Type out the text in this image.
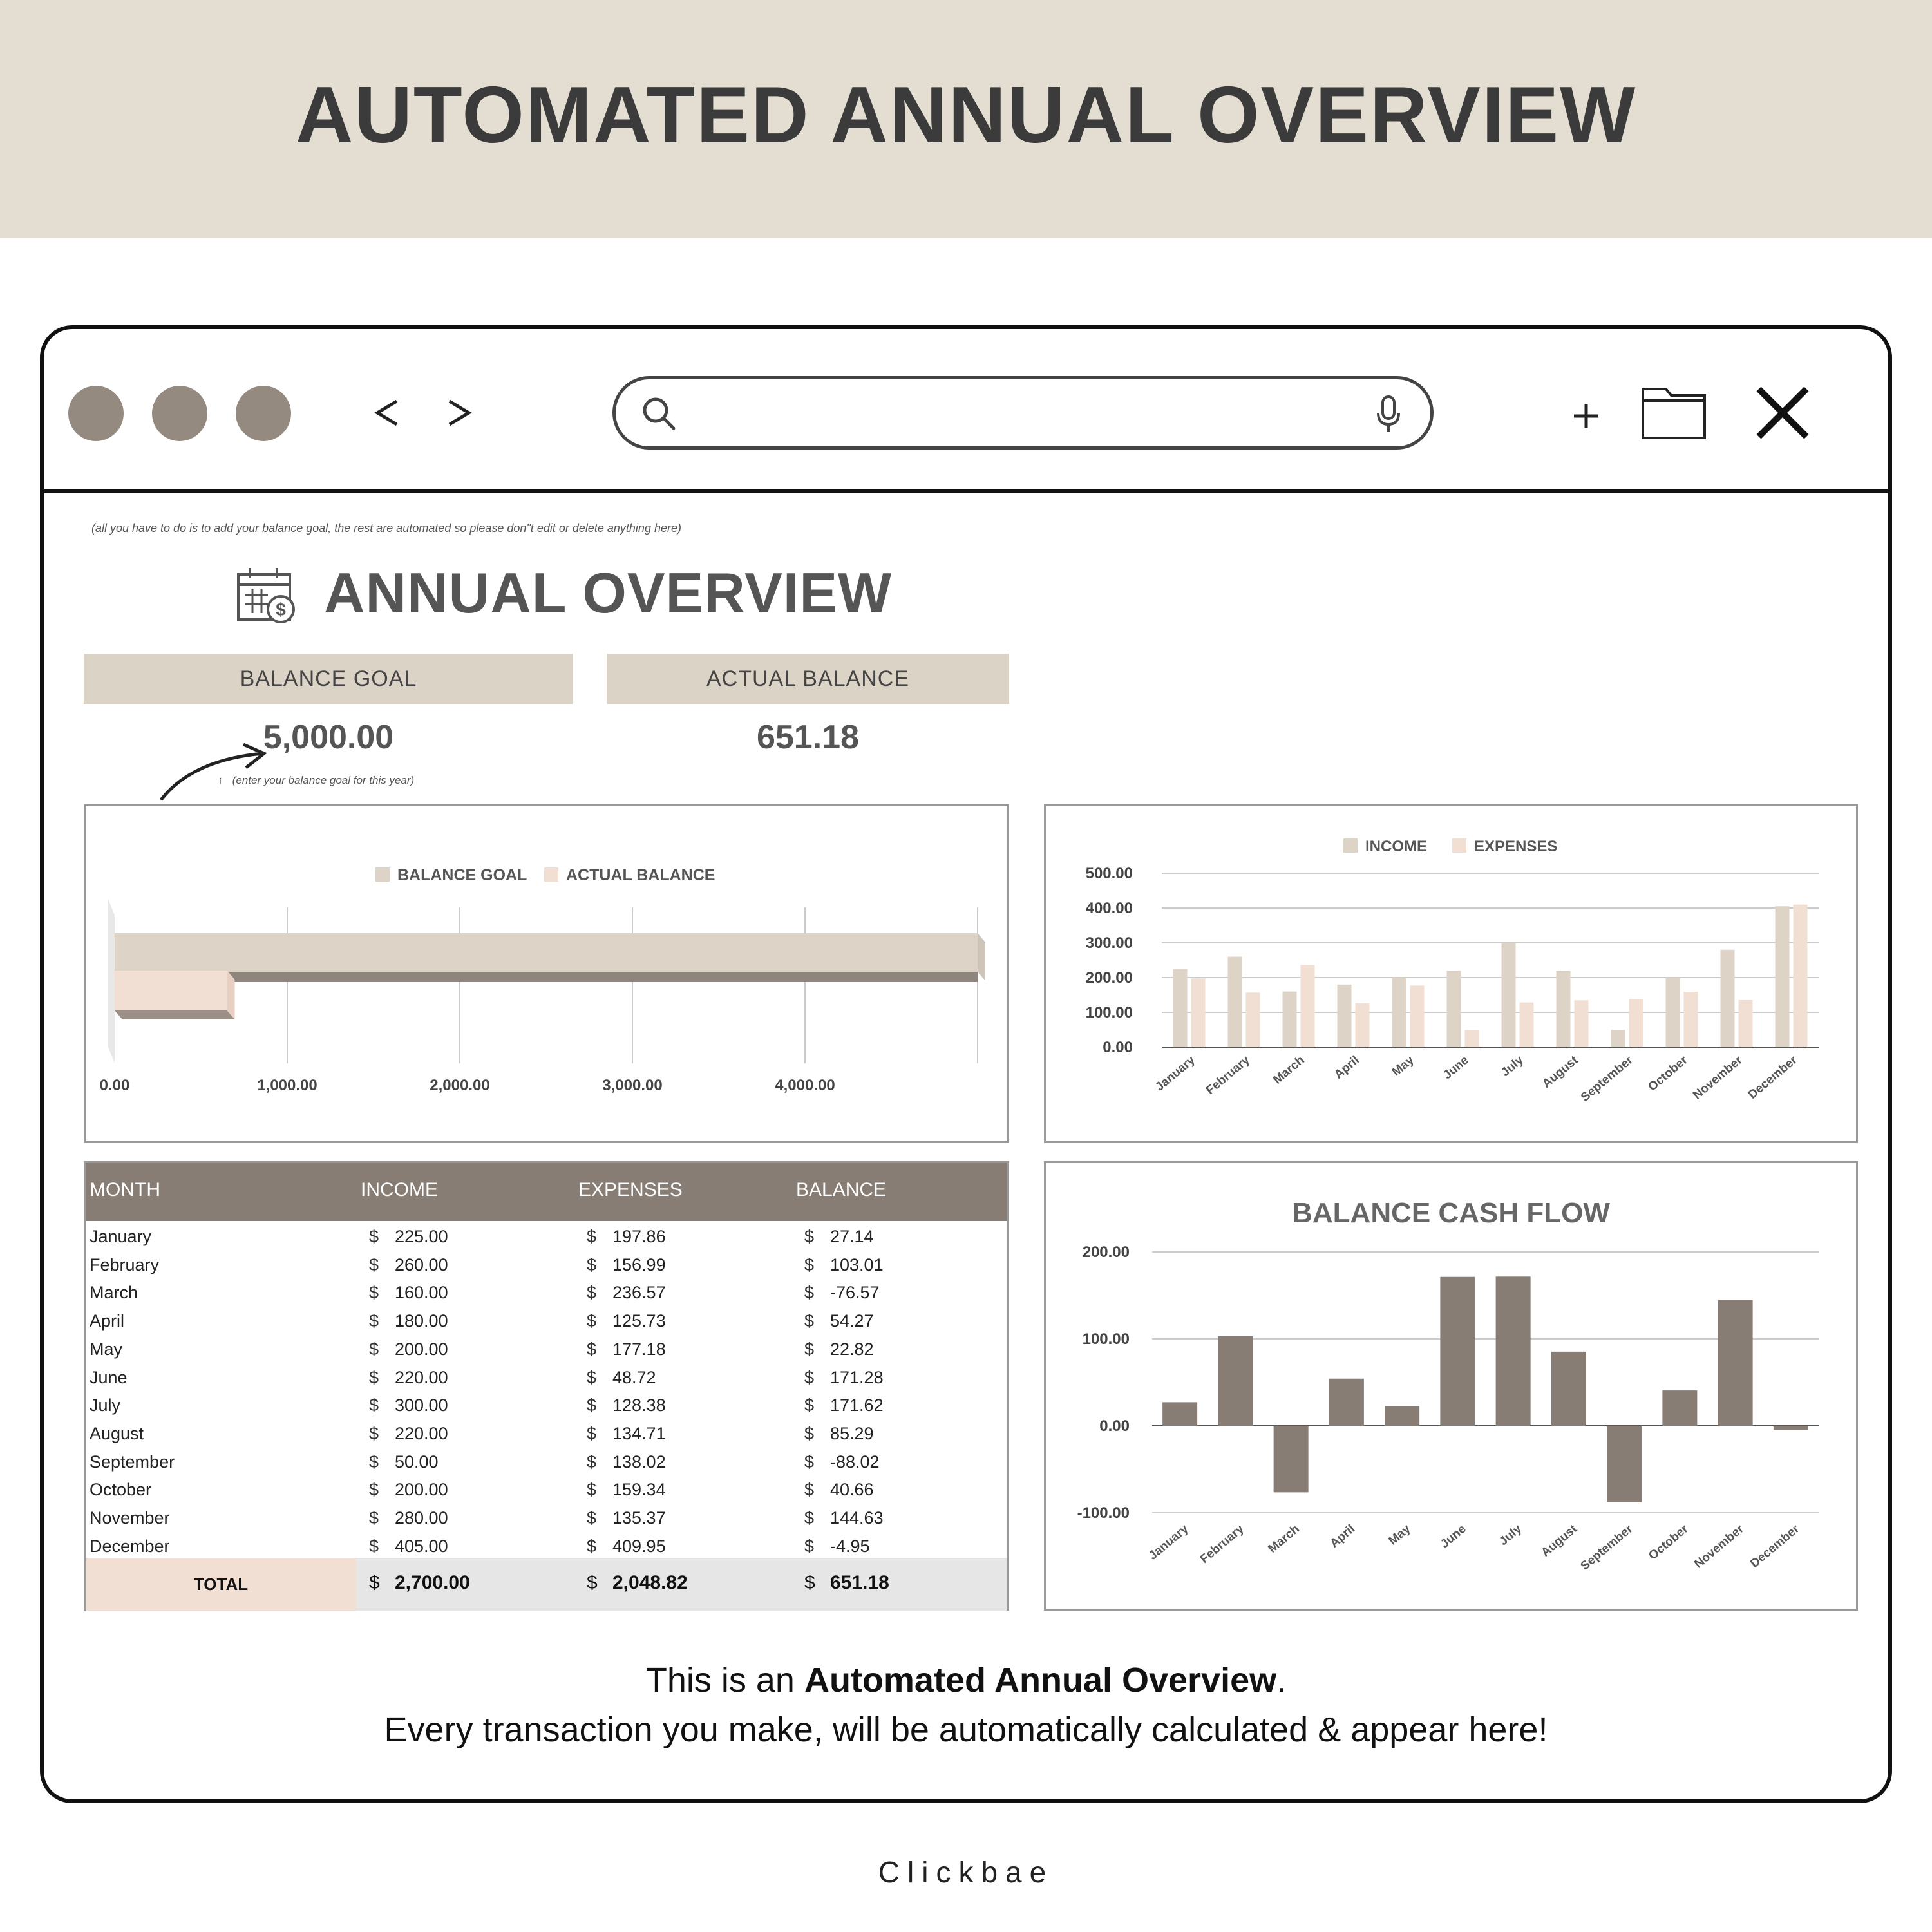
AUTOMATED ANNUAL OVERVIEW
(all you have to do is to add your balance goal, the rest are automated so please don"t edit or delete anything here)
$ ANNUAL OVERVIEW
BALANCE GOAL	ACTUAL BALANCE
5,000.00	651.18
↑ (enter your balance goal for this year)
BALANCE GOAL ACTUAL BALANCE
0.00	1,000.00	2,000.00	3,000.00	4,000.00
INCOME	EXPENSES
0.00
100.00
200.00
300.00
400.00
500.00
January February March April May June July August
September October November December
MONTH	INCOME	EXPENSES	BALANCE
January	$ 225.00	$ 197.86	$ 27.14
February	$ 260.00	$ 156.99	$ 103.01
March	$ 160.00	$ 236.57	$ -76.57
April	$ 180.00	$ 125.73	$ 54.27
May	$ 200.00	$ 177.18	$ 22.82
June	$ 220.00	$ 48.72	$ 171.28
July	$ 300.00	$ 128.38	$ 171.62
August	$ 220.00	$ 134.71	$ 85.29
September	$ 50.00	$ 138.02	$ -88.02
October	$ 200.00	$ 159.34	$ 40.66
November	$ 280.00	$ 135.37	$ 144.63
December	$ 405.00	$ 409.95	$ -4.95
TOTAL	$ 2,700.00	$ 2,048.82	$ 651.18
BALANCE CASH FLOW
-100.00
0.00
100.00
200.00
January February March April May June July August
September October November December
This is an Automated Annual Overview.
Every transaction you make, will be automatically calculated & appear here!
Clickbae
